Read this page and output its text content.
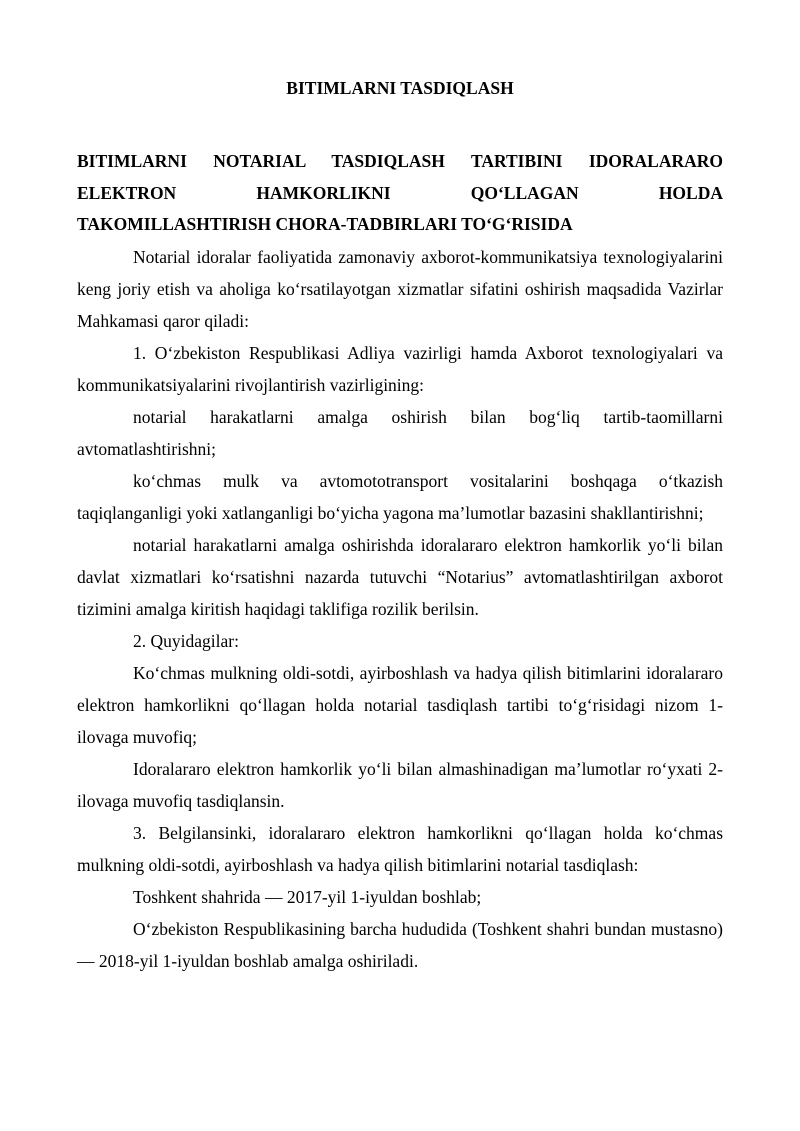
BITIMLARNI TASDIQLASH
BITIMLARNI NOTARIAL TASDIQLASH TARTIBINI IDORALARARO
ELEKTRON HAMKORLIKNI QO‘LLAGAN HOLDA
TAKOMILLASHTIRISH CHORA-TADBIRLARI TO‘G‘RISIDA

Notarial idoralar faoliyatida zamonaviy axborot-kommunikatsiya texnologiyalarini keng joriy etish va aholiga ko‘rsatilayotgan xizmatlar sifatini oshirish maqsadida Vazirlar Mahkamasi qaror qiladi:

1. O‘zbekiston Respublikasi Adliya vazirligi hamda Axborot texnologiyalari va kommunikatsiyalarini rivojlantirish vazirligining:

notarial harakatlarni amalga oshirish bilan bog‘liq tartib-taomillarni avtomatlashtirishni;

ko‘chmas mulk va avtomototransport vositalarini boshqaga o‘tkazish taqiqlanganligi yoki xatlanganligi bo‘yicha yagona ma’lumotlar bazasini shakllantirishni;

notarial harakatlarni amalga oshirishda idoralararo elektron hamkorlik yo‘li bilan davlat xizmatlari ko‘rsatishni nazarda tutuvchi “Notarius” avtomatlashtirilgan axborot tizimini amalga kiritish haqidagi taklifiga rozilik berilsin.

2. Quyidagilar:

Ko‘chmas mulkning oldi-sotdi, ayirboshlash va hadya qilish bitimlarini idoralararo elektron hamkorlikni qo‘llagan holda notarial tasdiqlash tartibi to‘g‘risidagi nizom 1-ilovaga muvofiq;

Idoralararo elektron hamkorlik yo‘li bilan almashinadigan ma’lumotlar ro‘yxati 2-ilovaga muvofiq tasdiqlansin.

3. Belgilansinki, idoralararo elektron hamkorlikni qo‘llagan holda ko‘chmas mulkning oldi-sotdi, ayirboshlash va hadya qilish bitimlarini notarial tasdiqlash:

Toshkent shahrida — 2017-yil 1-iyuldan boshlab;

O‘zbekiston Respublikasining barcha hududida (Toshkent shahri bundan mustasno) — 2018-yil 1-iyuldan boshlab amalga oshiriladi.
